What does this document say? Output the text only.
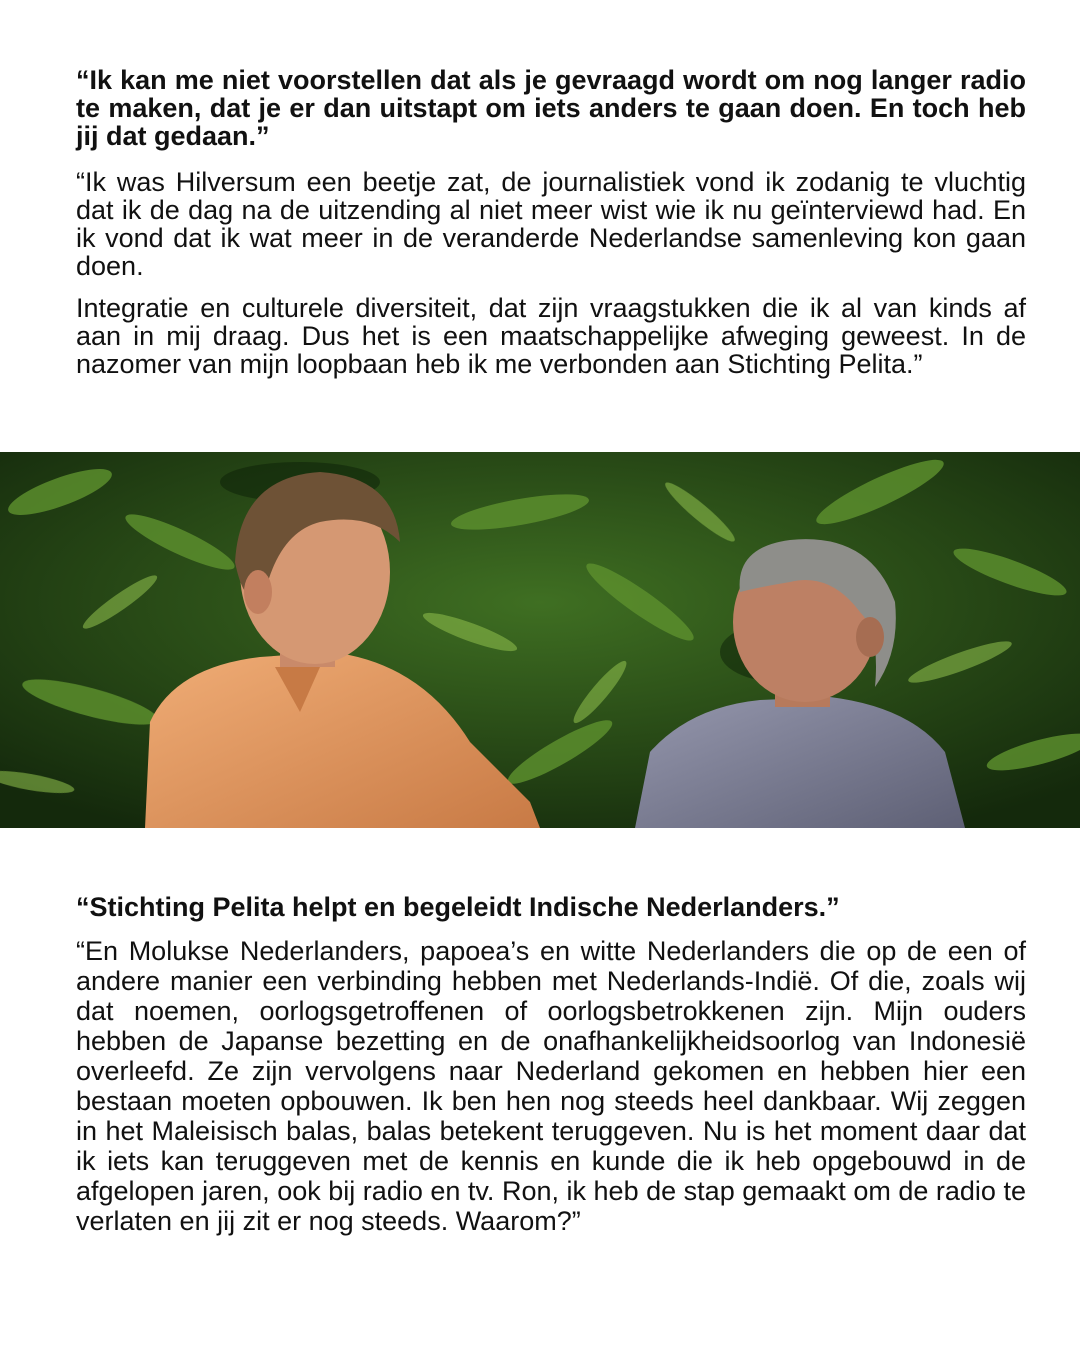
“Ik kan me niet voorstellen dat als je gevraagd wordt om nog langer radio te maken, dat je er dan uitstapt om iets anders te gaan doen. En toch heb jij dat gedaan.”

“Ik was Hilversum een beetje zat, de journalistiek vond ik zodanig te vluchtig dat ik de dag na de uitzending al niet meer wist wie ik nu geïnterviewd had. En ik vond dat ik wat meer in de veranderde Nederlandse samenleving kon gaan doen.

Integratie en culturele diversiteit, dat zijn vraagstukken die ik al van kinds af aan in mij draag. Dus het is een maatschappelijke afweging geweest. In de nazomer van mijn loopbaan heb ik me verbonden aan Stichting Pelita.”

“Stichting Pelita helpt en begeleidt Indische Nederlanders.”

“En Molukse Nederlanders, papoea’s en witte Nederlanders die op de een of andere manier een verbinding hebben met Nederlands-Indië. Of die, zoals wij dat noemen, oorlogsgetroffenen of oorlogsbetrokkenen zijn. Mijn ouders hebben de Japanse bezetting en de onafhankelijkheidsoorlog van Indonesië overleefd. Ze zijn vervolgens naar Nederland gekomen en hebben hier een bestaan moeten opbouwen. Ik ben hen nog steeds heel dankbaar. Wij zeggen in het Maleisisch balas, balas betekent teruggeven. Nu is het moment daar dat ik iets kan teruggeven met de kennis en kunde die ik heb opgebouwd in de afgelopen jaren, ook bij radio en tv. Ron, ik heb de stap gemaakt om de radio te verlaten en jij zit er nog steeds. Waarom?”
